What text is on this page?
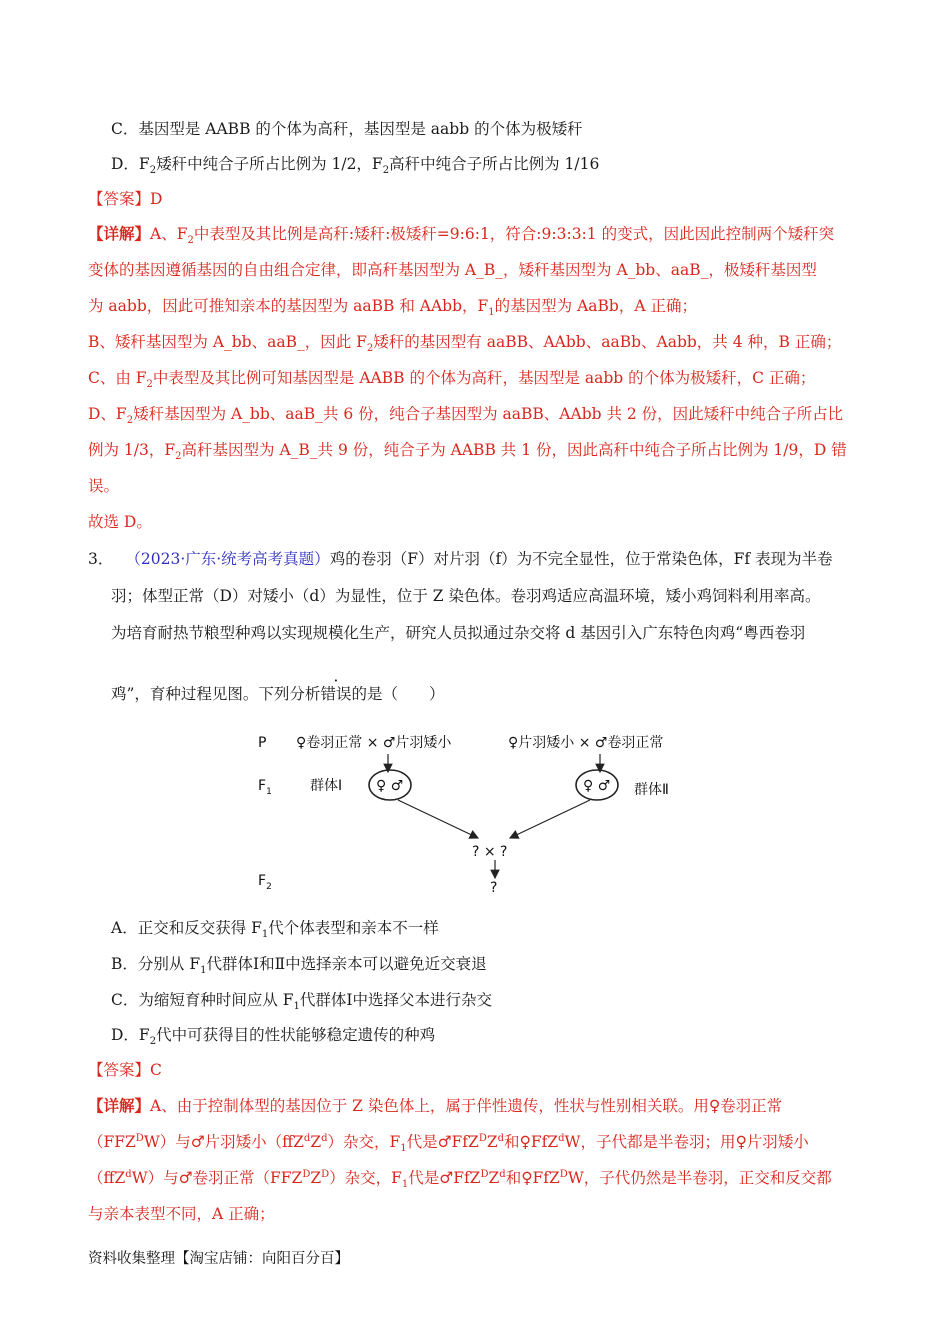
C．基因型是 AABB 的个体为高秆，基因型是 aabb 的个体为极矮秆
D．$F_2$矮秆中纯合子所占比例为 1/2，$F_2$高秆中纯合子所占比例为 1/16
【答案】D
【详解】A、$F_2$中表型及其比例是高秆:矮秆:极矮秆=9:6:1，符合:9:3:3:1 的变式，因此因此控制两个矮秆突
变体的基因遵循基因的自由组合定律，即高秆基因型为 A_B_，矮秆基因型为 A_bb、aaB_，极矮秆基因型
为 aabb，因此可推知亲本的基因型为 aaBB 和 AAbb，$F_1$的基因型为 AaBb，A 正确；
B、矮秆基因型为 A_bb、aaB_，因此 $F_2$矮秆的基因型有 aaBB、AAbb、aaBb、Aabb，共 4 种，B 正确；
C、由 $F_2$中表型及其比例可知基因型是 AABB 的个体为高秆，基因型是 aabb 的个体为极矮秆，C 正确；
D、$F_2$矮秆基因型为 A_bb、aaB_共 6 份，纯合子基因型为 aaBB、AAbb 共 2 份，因此矮秆中纯合子所占比
例为 1/3，$F_2$高秆基因型为 A_B_共 9 份，纯合子为 AABB 共 1 份，因此高秆中纯合子所占比例为 1/9，D 错
误。
故选 D。
3． （2023·广东·统考高考真题）鸡的卷羽（F）对片羽（f）为不完全显性，位于常染色体，Ff 表现为半卷
羽；体型正常（D）对矮小（d）为显性，位于 Z 染色体。卷羽鸡适应高温环境，矮小鸡饲料利用率高。
为培育耐热节粮型种鸡以实现规模化生产，研究人员拟通过杂交将 d 基因引入广东特色肉鸡“粤西卷羽
鸡”，育种过程见图。下列分析错误的是（　　）
P
$F_1$
$F_2$
♀卷羽正常 × ♂片羽矮小	♀片羽矮小 × ♂卷羽正常
♀ ♂	♀ ♂
群体Ⅰ	群体Ⅱ
? × ?
?
A．正交和反交获得 $F_1$代个体表型和亲本不一样
B．分别从 $F_1$代群体Ⅰ和Ⅱ中选择亲本可以避免近交衰退
C．为缩短育种时间应从 $F_1$代群体Ⅰ中选择父本进行杂交
D．$F_2$代中可获得目的性状能够稳定遗传的种鸡
【答案】C
【详解】A、由于控制体型的基因位于 Z 染色体上，属于伴性遗传，性状与性别相关联。用♀卷羽正常
$(FFZ^DW)$与♂片羽矮小$(ffZ^dZ^d)$杂交，$F_1$代是$♂FfZ^DZ^d$和♀FfZ$^d$W，子代都是半卷羽；用♀片羽矮小
（ffZ$^d$W）与♂卷羽正常$(FFZ^DZ^D)$杂交，$F_1$代是$♂FfZ^DZ^d$和♀FfZ$^D$W，子代仍然是半卷羽，正交和反交都
与亲本表型不同，A 正确；
资料收集整理【淘宝店铺：向阳百分百】
